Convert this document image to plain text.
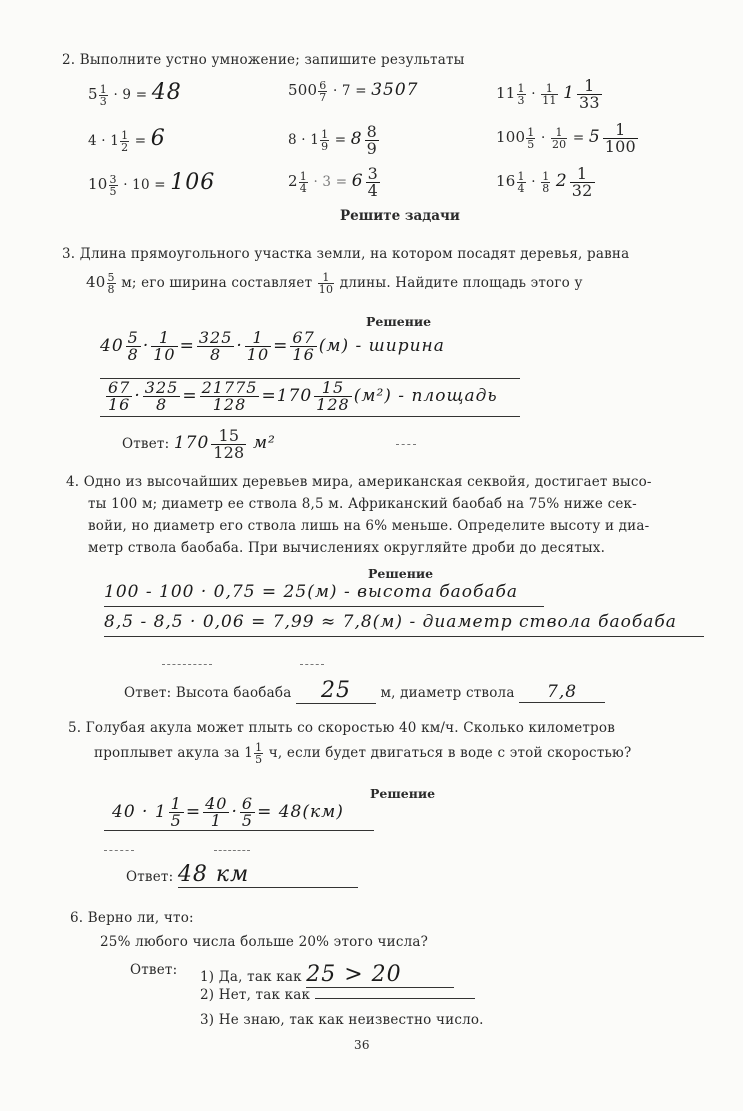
2. Выполните устно умножение; запишите результаты
$5 \frac{1}{3} \cdot 9 = 48$	$500 \frac{6}{7} \cdot 7 = 3507$	$11 \frac{1}{3} \cdot \frac{1}{11} 1 \frac{1}{33}$
$4 \cdot 1 \frac{1}{2} = 6$	$8 \cdot 1 \frac{1}{9} = 8 \frac{8}{9}$	$100 \frac{1}{5} \cdot \frac{1}{20} = 5 \frac{1}{100}$
$10 \frac{3}{5} \cdot 10 = 106$	$2 \frac{1}{4} \cdot 3 = 6 \frac{3}{4}$	$16 \frac{1}{4} \cdot \frac{1}{8} 2 \frac{1}{32}$
Решите задачи
3. Длина прямоугольного участка земли, на котором посадят деревья, равна
$40 \frac{5}{8} м$; его ширина составляет $\frac{1}{10}$ длины. Найдите площадь этого у
Решение
$40 \frac{5}{8} \cdot \frac{1}{10} = \frac{325}{8} \cdot \frac{1}{10} = \frac{67}{16} (м)$ - ширина
$\frac{67}{16} \cdot \frac{325}{8} = \frac{21775}{128} =170 \frac{15}{128} (м^2)$ - площадь
Ответ: $170 \frac{15}{128} м^2$
4. Одно из высочайших деревьев мира, американская секвойя, достигает высо-
ты 100 м; диаметр ее ствола 8,5 м. Африканский баобаб на 75% ниже сек-
войи, но диаметр его ствола лишь на 6% меньше. Определите высоту и диа-
метр ствола баобаба. При вычислениях округляйте дроби до десятых.
Решение
100 - 100 · 0,75 = 25(м) - высота баобаба
8,5 - 8,5 · 0,06 = 7,99 ≈ 7,8(м) - диаметр ствола баобаба
Ответ: Высота баобаба 25 м, диаметр ствола 7,8
5. Голубая акула может плыть со скоростью 40 км/ч. Сколько километров
проплывет акула за $1 \frac{1}{5} ч$, если будет двигаться в воде с этой скоростью?
Решение
$40 \cdot 1 \frac{1}{5} = \frac{40}{1} \cdot \frac{6}{5} = 48(км)$
Ответ: 48 км
6. Верно ли, что:
25% любого числа больше 20% этого числа?
Ответ: 1) Да, так как 25 > 20
2) Нет, так как
3) Не знаю, так как неизвестно число.
36
